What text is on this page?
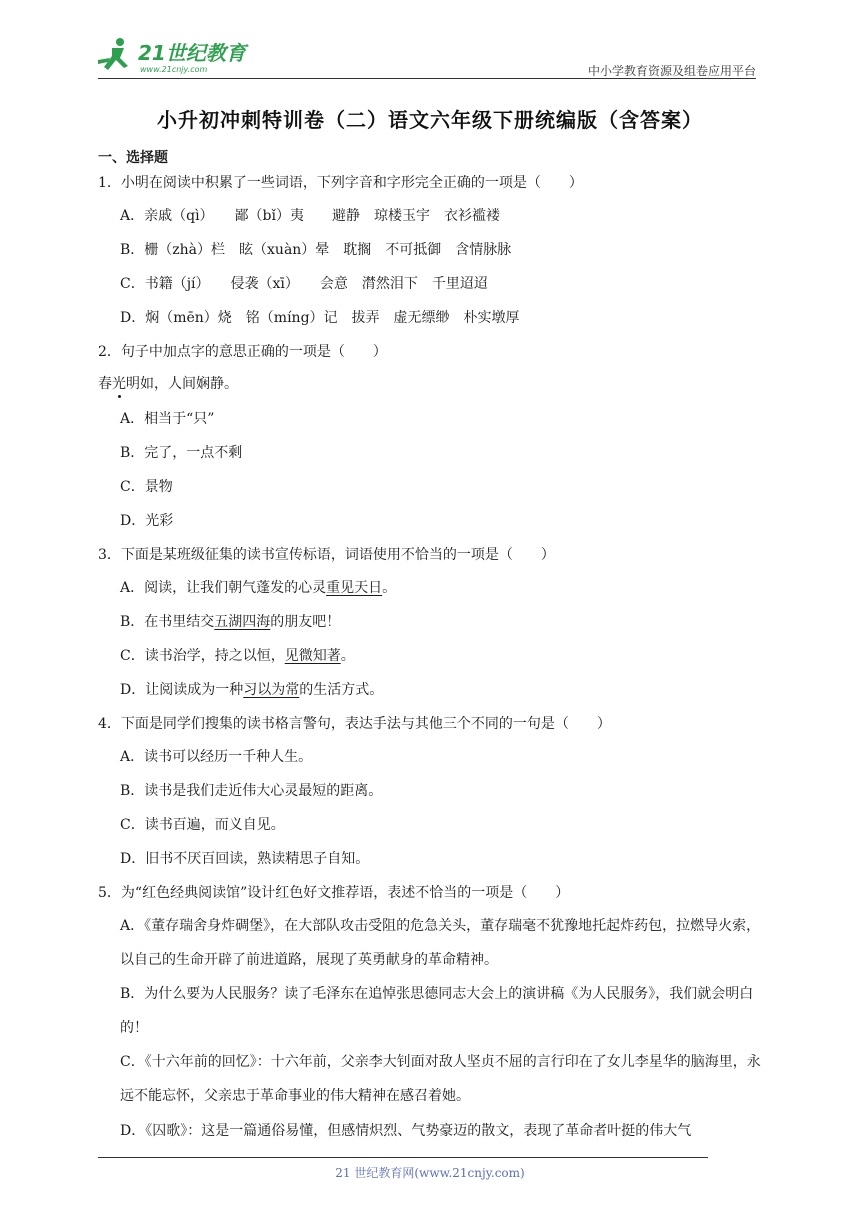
21世纪教育
www.21cnjy.com	中小学教育资源及组卷应用平台
小升初冲刺特训卷（二）语文六年级下册统编版（含答案）
一、选择题
1．小明在阅读中积累了一些词语，下列字音和字形完全正确的一项是（　　）
A．亲戚（qì）　　鄙（bǐ）夷　　避静　琼楼玉宇　衣衫褴褛
B．栅（zhà）栏　眩（xuàn）晕　耽搁　不可抵御　含情脉脉
C．书籍（jí）　　侵袭（xī）　　会意　潸然泪下　千里迢迢
D．焖（mēn）烧　铭（míng）记　拔弄　虚无缥缈　朴实墩厚
2．句子中加点字的意思正确的一项是（　　）
春光明如，人间娴静。
A．相当于“只”
B．完了，一点不剩
C．景物
D．光彩
3．下面是某班级征集的读书宣传标语，词语使用不恰当的一项是（　　）
A．阅读，让我们朝气蓬发的心灵重见天日。
B．在书里结交五湖四海的朋友吧！
C．读书治学，持之以恒，见微知著。
D．让阅读成为一种习以为常的生活方式。
4．下面是同学们搜集的读书格言警句，表达手法与其他三个不同的一句是（　　）
A．读书可以经历一千种人生。
B．读书是我们走近伟大心灵最短的距离。
C．读书百遍，而义自见。
D．旧书不厌百回读，熟读精思子自知。
5．为“红色经典阅读馆”设计红色好文推荐语，表述不恰当的一项是（　　）
A．《董存瑞舍身炸碉堡》，在大部队攻击受阻的危急关头，董存瑞毫不犹豫地托起炸药包，拉燃导火索，以自己的生命开辟了前进道路，展现了英勇献身的革命精神。
B．为什么要为人民服务？读了毛泽东在追悼张思德同志大会上的演讲稿《为人民服务》，我们就会明白的！
C．《十六年前的回忆》：十六年前，父亲李大钊面对敌人坚贞不屈的言行印在了女儿李星华的脑海里，永远不能忘怀，父亲忠于革命事业的伟大精神在感召着她。
D．《囚歌》：这是一篇通俗易懂，但感情炽烈、气势豪迈的散文，表现了革命者叶挺的伟大气
21 世纪教育网(www.21cnjy.com)
